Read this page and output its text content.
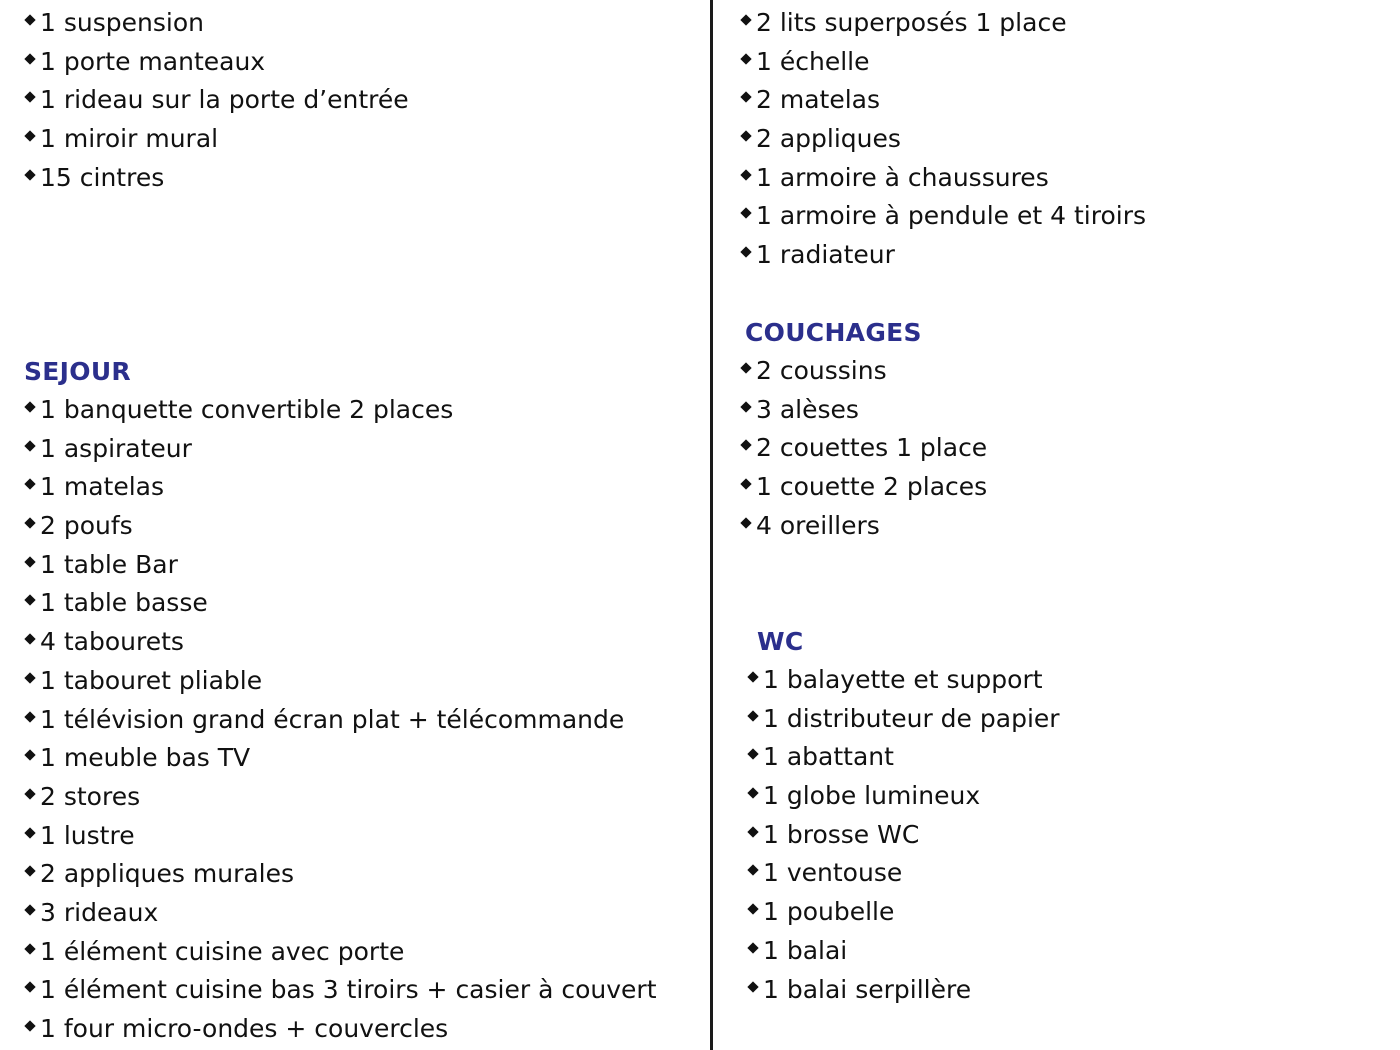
1 suspension
1 porte manteaux
1 rideau sur la porte d’entrée
1 miroir mural
15 cintres
SEJOUR
1 banquette convertible 2 places
1 aspirateur
1 matelas
2 poufs
1 table Bar
1 table basse
4 tabourets
1 tabouret pliable
1 télévision grand écran plat + télécommande
1 meuble bas TV
2 stores
1 lustre
2 appliques murales
3 rideaux
1 élément cuisine avec porte
1 élément cuisine bas 3 tiroirs + casier à couvert
1 four micro-ondes + couvercles
2 lits superposés 1 place
1 échelle
2 matelas
2 appliques
1 armoire à chaussures
1 armoire à pendule et 4 tiroirs
1 radiateur
COUCHAGES
2 coussins
3 alèses
2 couettes 1 place
1 couette 2 places
4 oreillers
WC
1 balayette et support
1 distributeur de papier
1 abattant
1 globe lumineux
1 brosse WC
1 ventouse
1 poubelle
1 balai
1 balai serpillère
